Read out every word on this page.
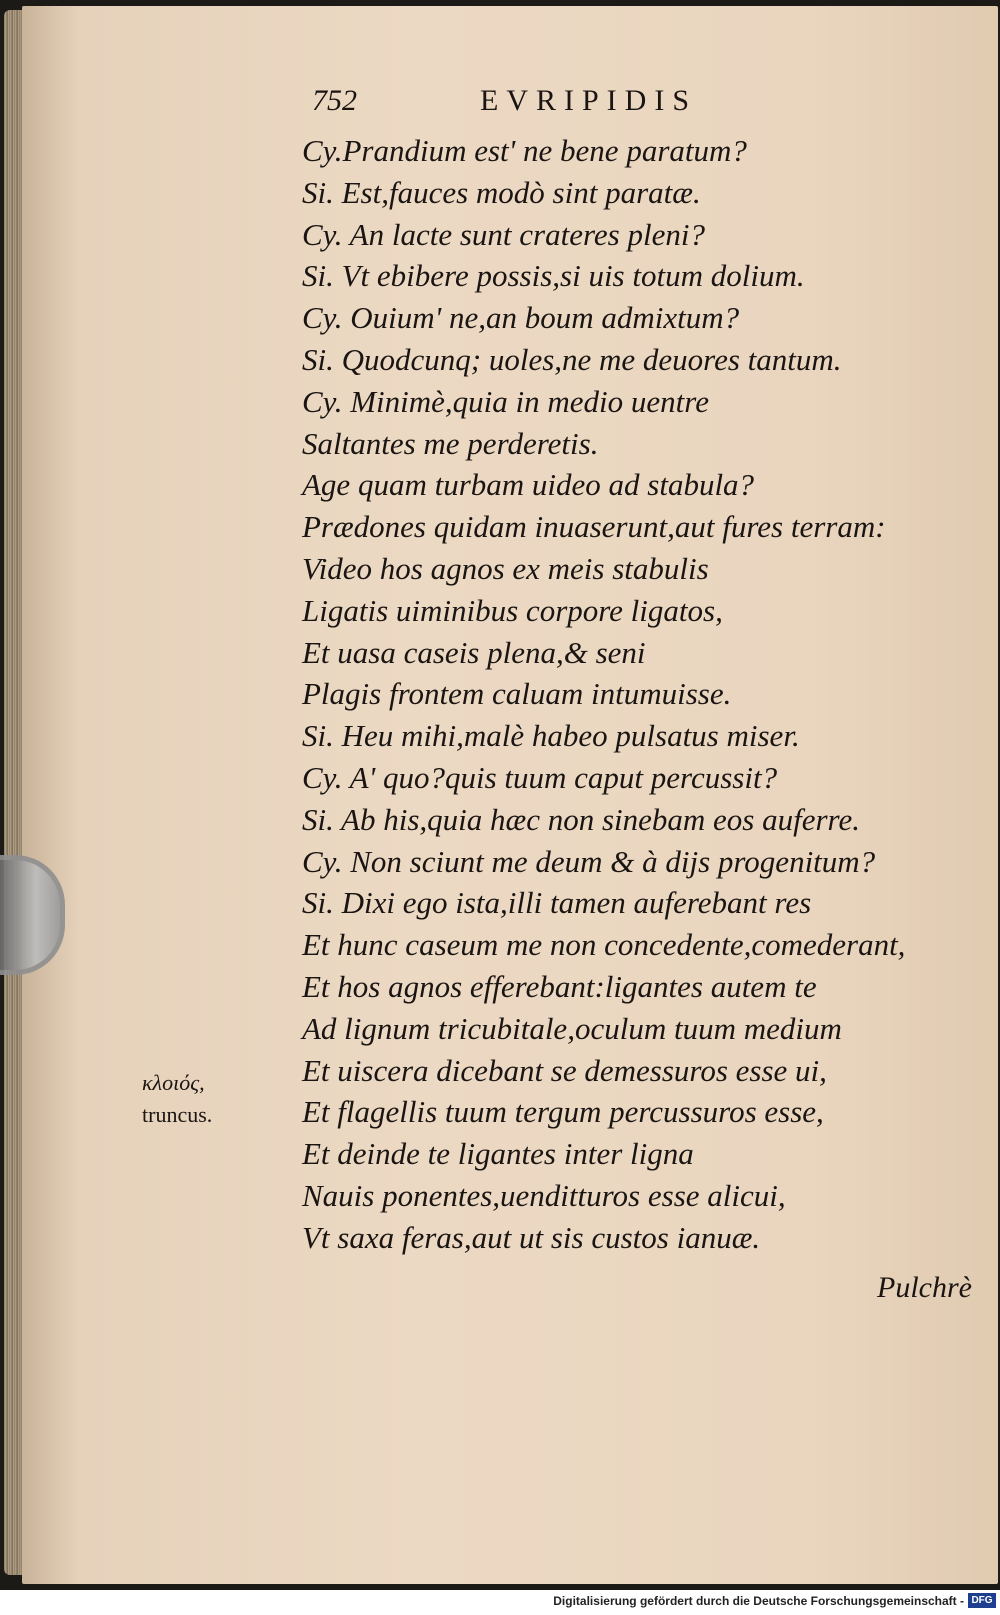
752	EVRIPIDIS
Cy.Prandium est' ne bene paratum?
Si. Est,fauces modò sint paratæ.
Cy. An lacte sunt crateres pleni?
Si. Vt ebibere possis,si uis totum dolium.
Cy. Ouium' ne,an boum admixtum?
Si. Quodcunq; uoles,ne me deuores tantum.
Cy. Minimè,quia in medio uentre
Saltantes me perderetis.
Age quam turbam uideo ad stabula?
Prædones quidam inuaserunt,aut fures terram:
Video hos agnos ex meis stabulis
Ligatis uiminibus corpore ligatos,
Et uasa caseis plena,& seni
Plagis frontem caluam intumuisse.
Si. Heu mihi,malè habeo pulsatus miser.
Cy. A' quo?quis tuum caput percussit?
Si. Ab his,quia hæc non sinebam eos auferre.
Cy. Non sciunt me deum & à dijs progenitum?
Si. Dixi ego ista,illi tamen auferebant res
Et hunc caseum me non concedente,comederant,
Et hos agnos efferebant:ligantes autem te
Ad lignum tricubitale,oculum tuum medium
Et uiscera dicebant se demessuros esse ui,
Et flagellis tuum tergum percussuros esse,
Et deinde te ligantes inter ligna
Nauis ponentes,uenditturos esse alicui,
Vt saxa feras,aut ut sis custos ianuæ.
κλοιός,
truncus.
Pulchrè
Digitalisierung gefördert durch die Deutsche Forschungsgemeinschaft - DFG
